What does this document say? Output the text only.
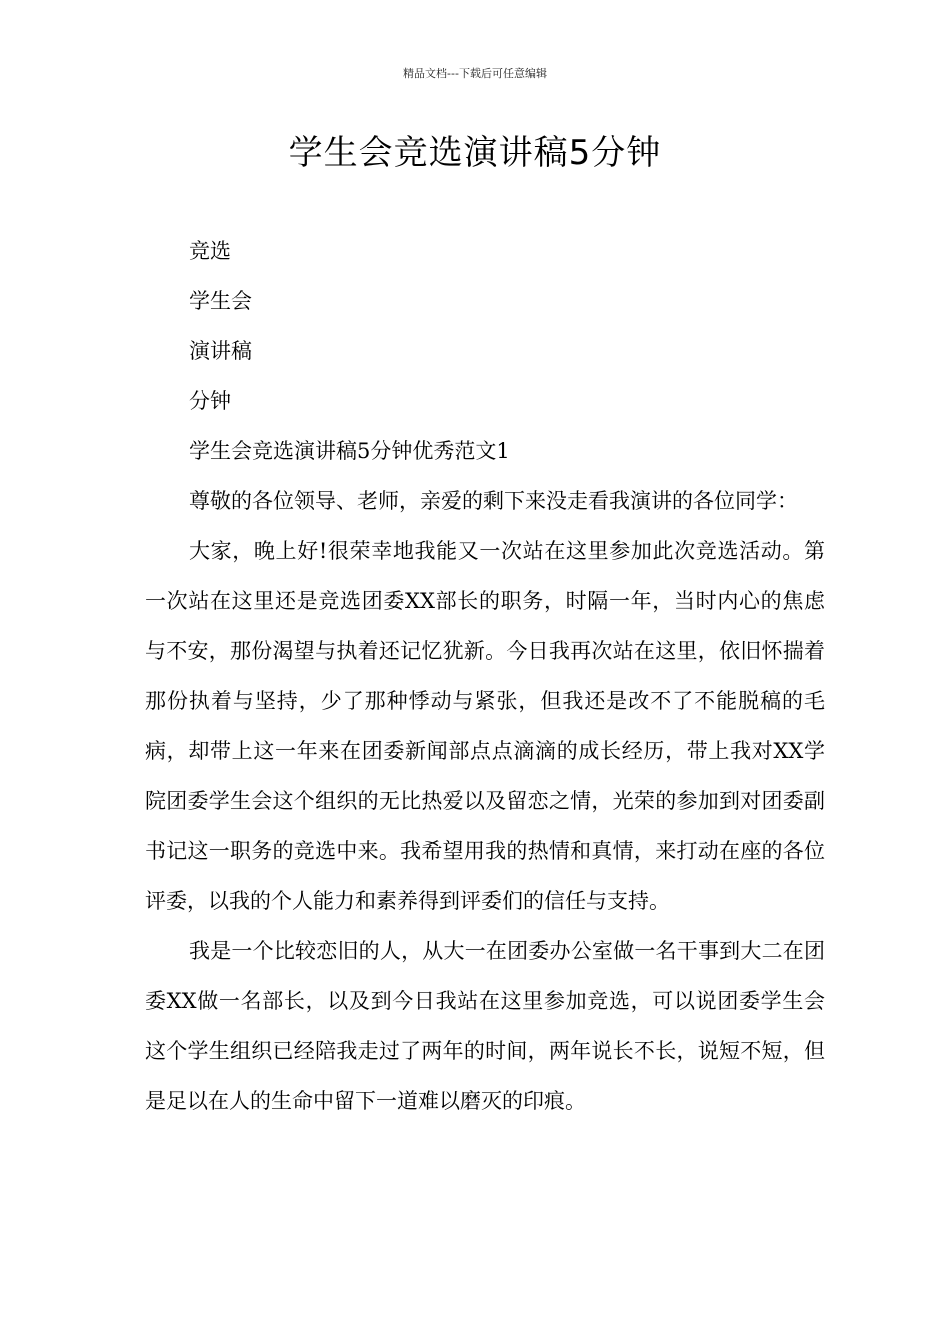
精品文档---下载后可任意编辑
学生会竞选演讲稿5分钟

竞选

学生会

演讲稿

分钟

学生会竞选演讲稿5分钟优秀范文1

尊敬的各位领导、老师，亲爱的剩下来没走看我演讲的各位同学：

大家，晚上好!很荣幸地我能又一次站在这里参加此次竞选活动。第一次站在这里还是竞选团委XX部长的职务，时隔一年，当时内心的焦虑与不安，那份渴望与执着还记忆犹新。今日我再次站在这里，依旧怀揣着那份执着与坚持，少了那种悸动与紧张，但我还是改不了不能脱稿的毛病，却带上这一年来在团委新闻部点点滴滴的成长经历，带上我对XX学院团委学生会这个组织的无比热爱以及留恋之情，光荣的参加到对团委副书记这一职务的竞选中来。我希望用我的热情和真情，来打动在座的各位评委，以我的个人能力和素养得到评委们的信任与支持。

我是一个比较恋旧的人，从大一在团委办公室做一名干事到大二在团委XX做一名部长，以及到今日我站在这里参加竞选，可以说团委学生会这个学生组织已经陪我走过了两年的时间，两年说长不长，说短不短，但是足以在人的生命中留下一道难以磨灭的印痕。
